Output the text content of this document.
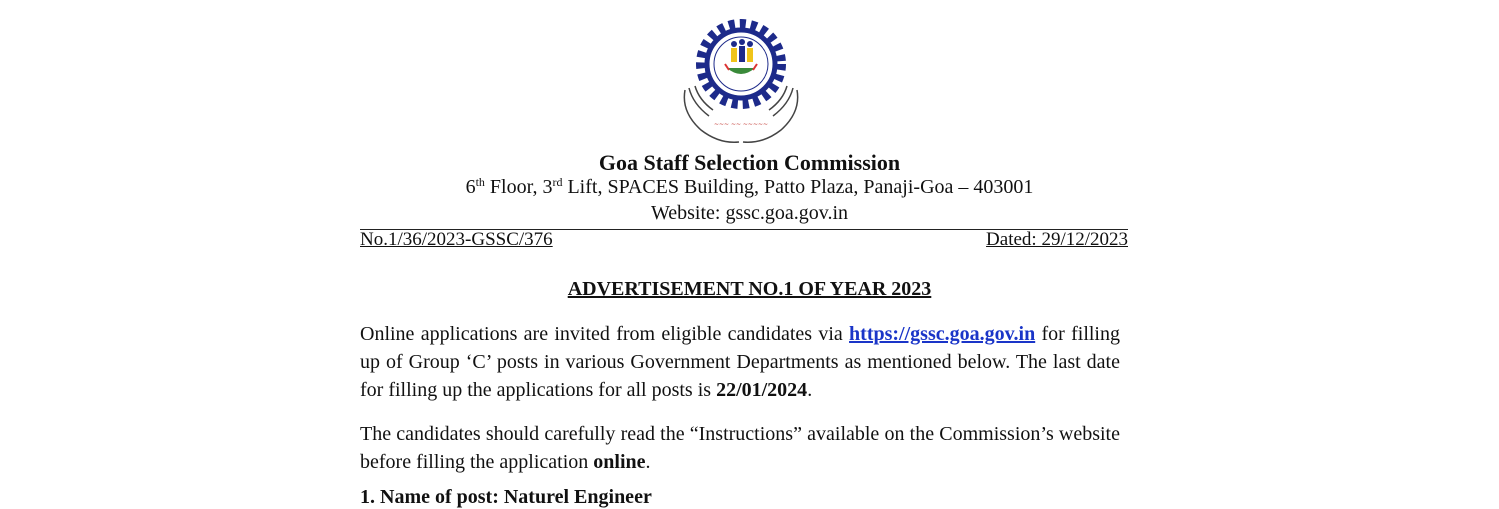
~~~ ~~ ~~~~~
Goa Staff Selection Commission
6th Floor, 3rd Lift, SPACES Building, Patto Plaza, Panaji-Goa – 403001
Website: gssc.goa.gov.in
No.1/36/2023-GSSC/376	Dated: 29/12/2023
ADVERTISEMENT NO.1 OF YEAR 2023
Online applications are invited from eligible candidates via https://gssc.goa.gov.in for filling up of Group ‘C’ posts in various Government Departments as mentioned below. The last date for filling up the applications for all posts is 22/01/2024.
The candidates should carefully read the “Instructions” available on the Commission’s website before filling the application online.
1. Name of post: Naturel Engineer
